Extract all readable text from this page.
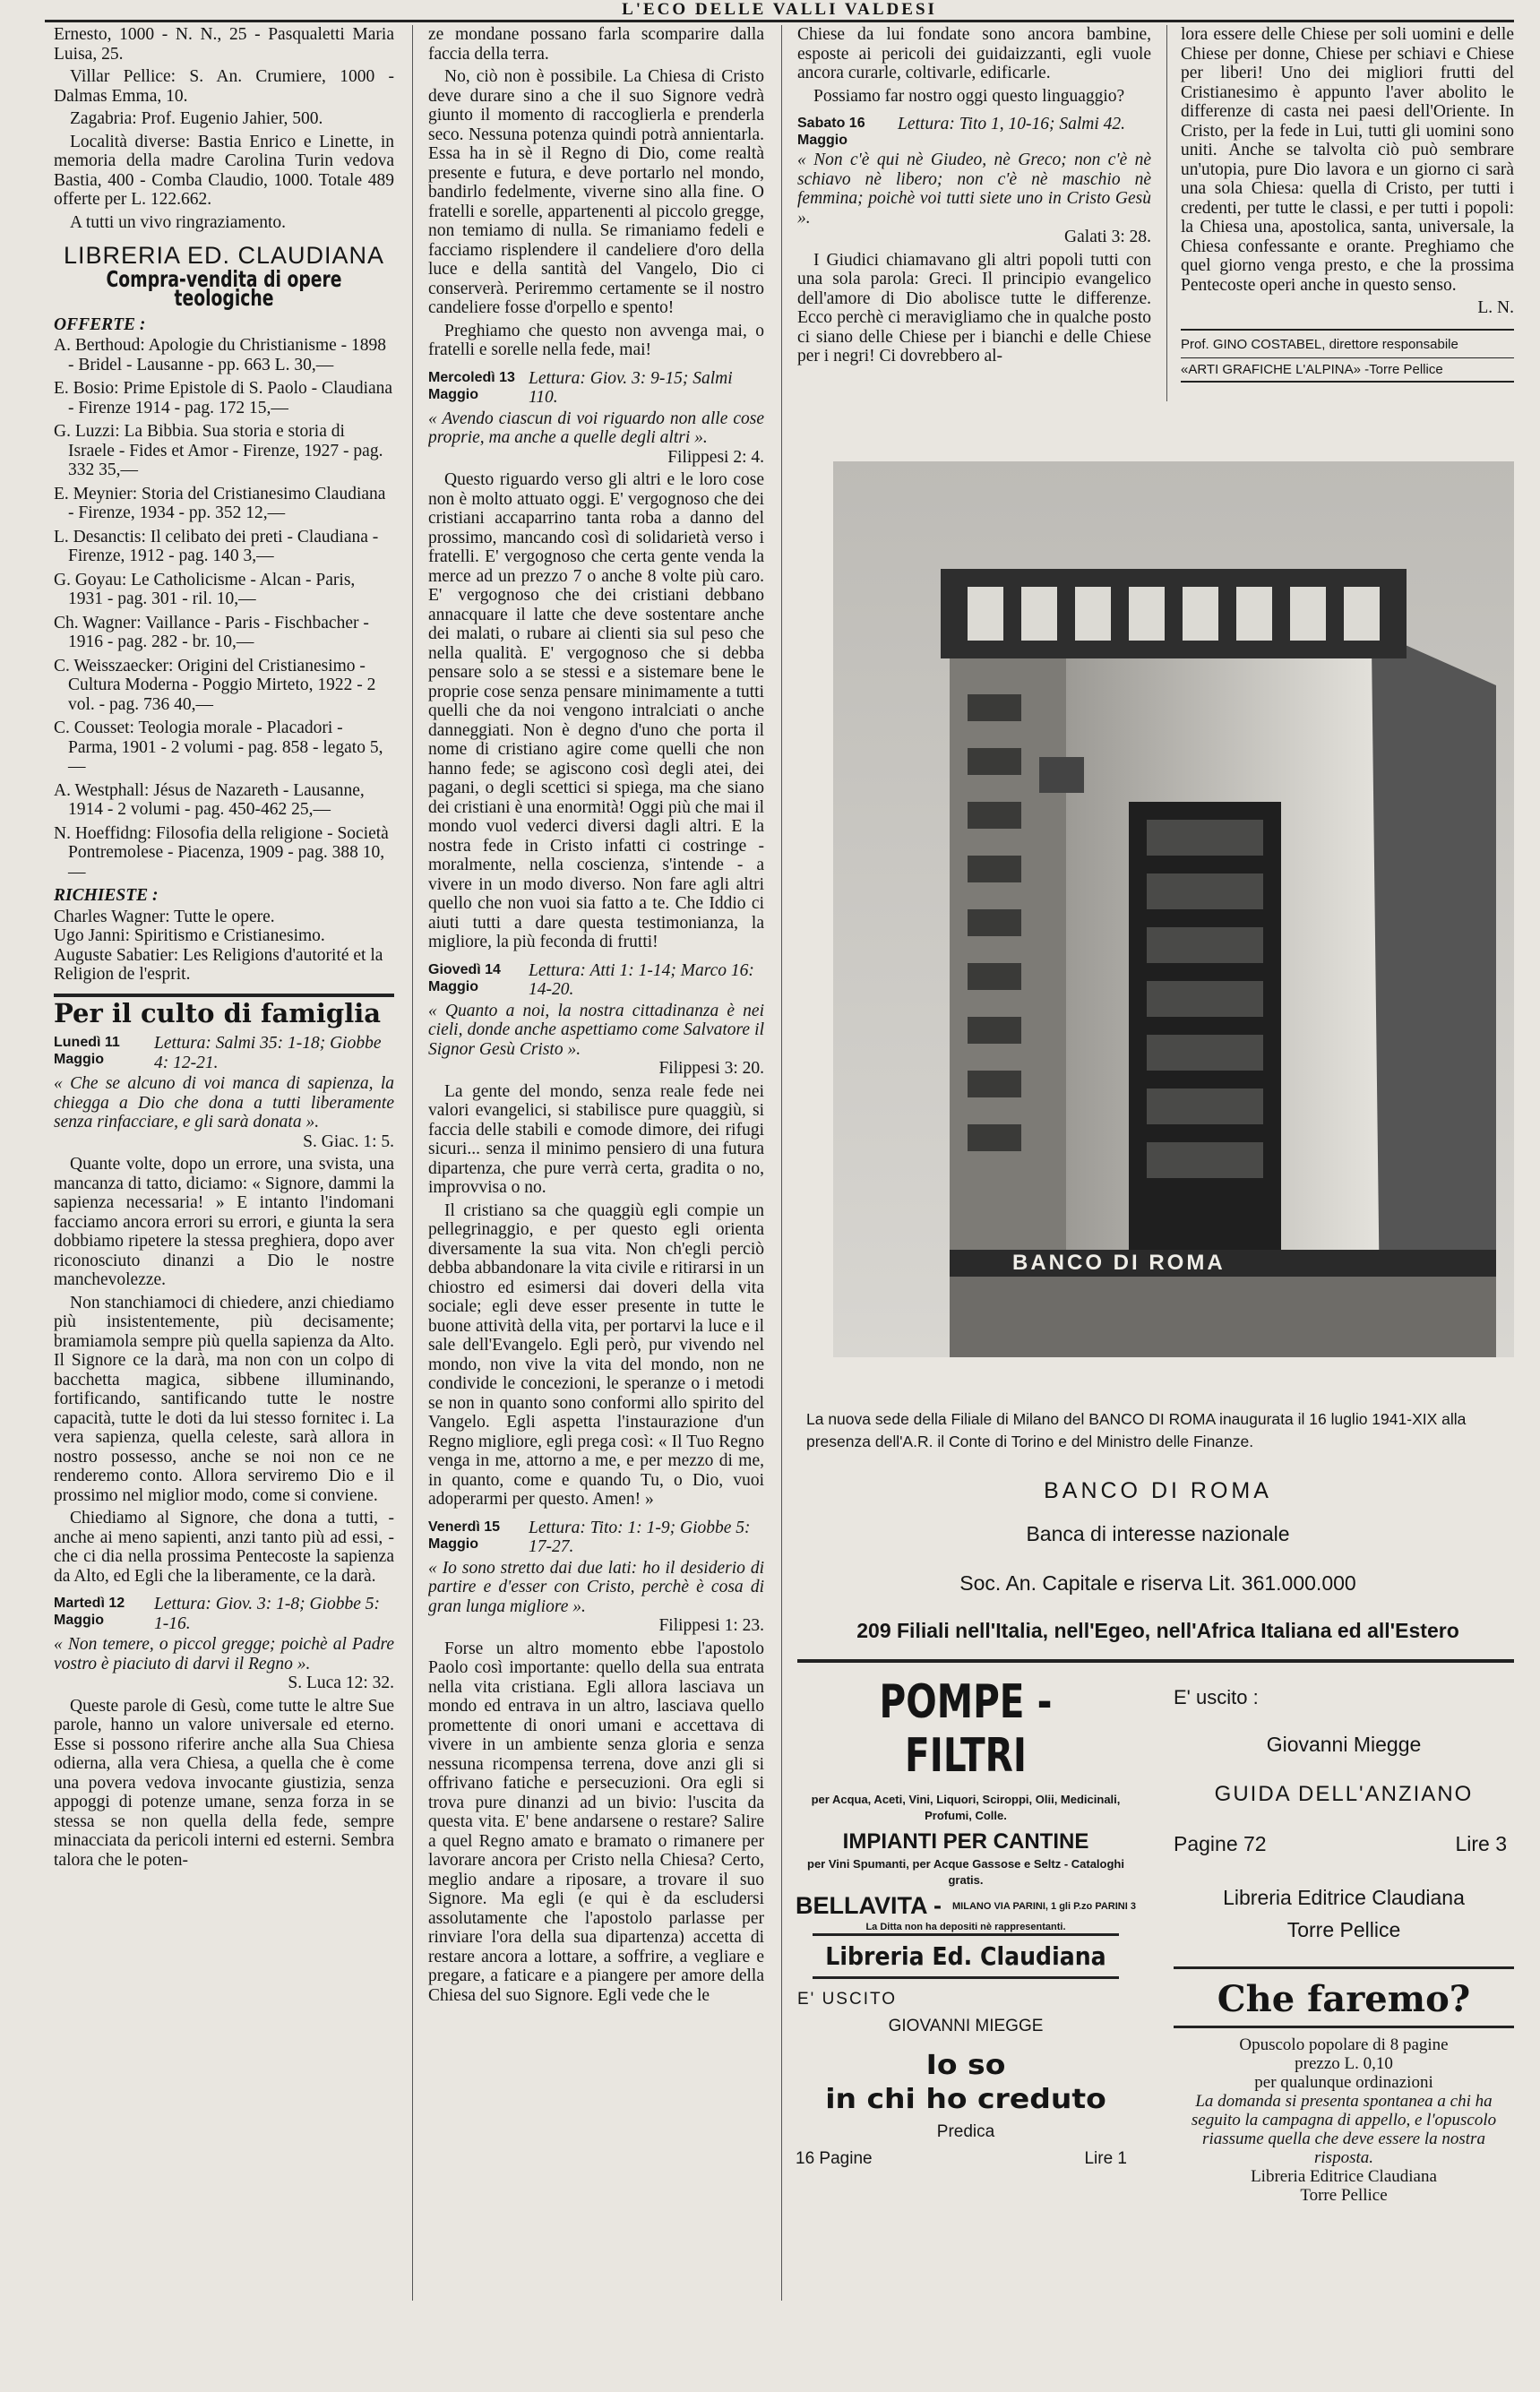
L'ECO DELLE VALLI VALDESI

Ernesto, 1000 - N. N., 25 - Pasqualetti Maria Luisa, 25.

Villar Pellice: S. An. Crumiere, 1000 - Dalmas Emma, 10.

Zagabria: Prof. Eugenio Jahier, 500.

Località diverse: Bastia Enrico e Linette, in memoria della madre Carolina Turin vedova Bastia, 400 - Comba Claudio, 1000. Totale 489 offerte per L. 122.662.

A tutti un vivo ringraziamento.

LIBRERIA ED. CLAUDIANA
Compra-vendita di opere teologiche
OFFERTE :
A. Berthoud: Apologie du Christianisme - 1898 - Bridel - Lausanne - pp. 663 L. 30,—
E. Bosio: Prime Epistole di S. Paolo - Claudiana - Firenze 1914 - pag. 172 15,—
G. Luzzi: La Bibbia. Sua storia e storia di Israele - Fides et Amor - Firenze, 1927 - pag. 332 35,—
E. Meynier: Storia del Cristianesimo Claudiana - Firenze, 1934 - pp. 352 12,—
L. Desanctis: Il celibato dei preti - Claudiana - Firenze, 1912 - pag. 140 3,—
G. Goyau: Le Catholicisme - Alcan - Paris, 1931 - pag. 301 - ril. 10,—
Ch. Wagner: Vaillance - Paris - Fischbacher - 1916 - pag. 282 - br. 10,—
C. Weisszaecker: Origini del Cristianesimo - Cultura Moderna - Poggio Mirteto, 1922 - 2 vol. - pag. 736 40,—
C. Cousset: Teologia morale - Placadori - Parma, 1901 - 2 volumi - pag. 858 - legato 5,—
A. Westphall: Jésus de Nazareth - Lausanne, 1914 - 2 volumi - pag. 450-462 25,—
N. Hoeffidng: Filosofia della religione - Società Pontremolese - Piacenza, 1909 - pag. 388 10,—
RICHIESTE :
Charles Wagner: Tutte le opere.
Ugo Janni: Spiritismo e Cristianesimo.
Auguste Sabatier: Les Religions d'autorité et la Religion de l'esprit.
Per il culto di famiglia
Lunedì 11 Maggio
Lettura: Salmi 35: 1-18; Giobbe 4: 12-21.
« Che se alcuno di voi manca di sapienza, la chiegga a Dio che dona a tutti liberamente senza rinfacciare, e gli sarà donata ».
S. Giac. 1: 5.

Quante volte, dopo un errore, una svista, una mancanza di tatto, diciamo: « Signore, dammi la sapienza necessaria! » E intanto l'indomani facciamo ancora errori su errori, e giunta la sera dobbiamo ripetere la stessa preghiera, dopo aver riconosciuto dinanzi a Dio le nostre manchevolezze.

Non stanchiamoci di chiedere, anzi chiediamo più insistentemente, più decisamente; bramiamola sempre più quella sapienza da Alto. Il Signore ce la darà, ma non con un colpo di bacchetta magica, sibbene illuminando, fortificando, santificando tutte le nostre capacità, tutte le doti da lui stesso fornitec i. La vera sapienza, quella celeste, sarà allora in nostro possesso, anche se noi non ce ne renderemo conto. Allora serviremo Dio e il prossimo nel miglior modo, come si conviene.

Chiediamo al Signore, che dona a tutti, - anche ai meno sapienti, anzi tanto più ad essi, - che ci dia nella prossima Pentecoste la sapienza da Alto, ed Egli che la liberamente, ce la darà.

Martedì 12 Maggio
Lettura: Giov. 3: 1-8; Giobbe 5: 1-16.
« Non temere, o piccol gregge; poichè al Padre vostro è piaciuto di darvi il Regno ».
S. Luca 12: 32.

Queste parole di Gesù, come tutte le altre Sue parole, hanno un valore universale ed eterno. Esse si possono riferire anche alla Sua Chiesa odierna, alla vera Chiesa, a quella che è come una povera vedova invocante giustizia, senza appoggi di potenze umane, senza forza in se stessa se non quella della fede, sempre minacciata da pericoli interni ed esterni. Sembra talora che le poten-

ze mondane possano farla scomparire dalla faccia della terra.

No, ciò non è possibile. La Chiesa di Cristo deve durare sino a che il suo Signore vedrà giunto il momento di raccoglierla e prenderla seco. Nessuna potenza quindi potrà annientarla. Essa ha in sè il Regno di Dio, come realtà presente e futura, e deve portarlo nel mondo, bandirlo fedelmente, viverne sino alla fine. O fratelli e sorelle, appartenenti al piccolo gregge, non temiamo di nulla. Se rimaniamo fedeli e facciamo risplendere il candeliere d'oro della luce e della santità del Vangelo, Dio ci conserverà. Periremmo certamente se il nostro candeliere fosse d'orpello e spento!

Preghiamo che questo non avvenga mai, o fratelli e sorelle nella fede, mai!

Mercoledì 13 Maggio
Lettura: Giov. 3: 9-15; Salmi 110.
« Avendo ciascun di voi riguardo non alle cose proprie, ma anche a quelle degli altri ».
Filippesi 2: 4.

Questo riguardo verso gli altri e le loro cose non è molto attuato oggi. E' vergognoso che dei cristiani accaparrino tanta roba a danno del prossimo, mancando così di solidarietà verso i fratelli. E' vergognoso che certa gente venda la merce ad un prezzo 7 o anche 8 volte più caro. E' vergognoso che dei cristiani debbano annacquare il latte che deve sostentare anche dei malati, o rubare ai clienti sia sul peso che nella qualità. E' vergognoso che si debba pensare solo a se stessi e a sistemare bene le proprie cose senza pensare minimamente a tutti quelli che da noi vengono intralciati o anche danneggiati. Non è degno d'uno che porta il nome di cristiano agire come quelli che non hanno fede; se agiscono così degli atei, dei pagani, o degli scettici si spiega, ma che siano dei cristiani è una enormità! Oggi più che mai il mondo vuol vederci diversi dagli altri. E la nostra fede in Cristo infatti ci costringe - moralmente, nella coscienza, s'intende - a vivere in un modo diverso. Non fare agli altri quello che non vuoi sia fatto a te. Che Iddio ci aiuti tutti a dare questa testimonianza, la migliore, la più feconda di frutti!

Giovedì 14 Maggio
Lettura: Atti 1: 1-14; Marco 16: 14-20.
« Quanto a noi, la nostra cittadinanza è nei cieli, donde anche aspettiamo come Salvatore il Signor Gesù Cristo ».
Filippesi 3: 20.

La gente del mondo, senza reale fede nei valori evangelici, si stabilisce pure quaggiù, si faccia delle stabili e comode dimore, dei rifugi sicuri... senza il minimo pensiero di una futura dipartenza, che pure verrà certa, gradita o no, improvvisa o no.

Il cristiano sa che quaggiù egli compie un pellegrinaggio, e per questo egli orienta diversamente la sua vita. Non ch'egli perciò debba abbandonare la vita civile e ritirarsi in un chiostro ed esimersi dai doveri della vita sociale; egli deve esser presente in tutte le buone attività della vita, per portarvi la luce e il sale dell'Evangelo. Egli però, pur vivendo nel mondo, non vive la vita del mondo, non ne condivide le concezioni, le speranze o i metodi se non in quanto sono conformi allo spirito del Vangelo. Egli aspetta l'instaurazione d'un Regno migliore, egli prega così: « Il Tuo Regno venga in me, attorno a me, e per mezzo di me, in quanto, come e quando Tu, o Dio, vuoi adoperarmi per questo. Amen! »

Venerdì 15 Maggio
Lettura: Tito: 1: 1-9; Giobbe 5: 17-27.
« Io sono stretto dai due lati: ho il desiderio di partire e d'esser con Cristo, perchè è cosa di gran lunga migliore ».
Filippesi 1: 23.

Forse un altro momento ebbe l'apostolo Paolo così importante: quello della sua entrata nella vita cristiana. Egli allora lasciava un mondo ed entrava in un altro, lasciava quello promettente di onori umani e accettava di vivere in un ambiente senza gloria e senza nessuna ricompensa terrena, dove anzi gli si offrivano fatiche e persecuzioni. Ora egli si trova pure dinanzi ad un bivio: l'uscita da questa vita. E' bene andarsene o restare? Salire a quel Regno amato e bramato o rimanere per lavorare ancora per Cristo nella Chiesa? Certo, meglio andare a riposare, a trovare il suo Signore. Ma egli (e qui è da escludersi assolutamente che l'apostolo parlasse per rinviare l'ora della sua dipartenza) accetta di restare ancora a lottare, a soffrire, a vegliare e pregare, a faticare e a piangere per amore della Chiesa del suo Signore. Egli vede che le

Chiese da lui fondate sono ancora bambine, esposte ai pericoli dei guidaizzanti, egli vuole ancora curarle, coltivarle, edificarle.

Possiamo far nostro oggi questo linguaggio?

Sabato 16 Maggio
Lettura: Tito 1, 10-16; Salmi 42.
« Non c'è qui nè Giudeo, nè Greco; non c'è nè schiavo nè libero; non c'è nè maschio nè femmina; poichè voi tutti siete uno in Cristo Gesù ».
Galati 3: 28.

I Giudici chiamavano gli altri popoli tutti con una sola parola: Greci. Il principio evangelico dell'amore di Dio abolisce tutte le differenze. Ecco perchè ci meravigliamo che in qualche posto ci siano delle Chiese per i bianchi e delle Chiese per i negri! Ci dovrebbero al-

lora essere delle Chiese per soli uomini e delle Chiese per donne, Chiese per schiavi e Chiese per liberi! Uno dei migliori frutti del Cristianesimo è appunto l'aver abolito le differenze di casta nei paesi dell'Oriente. In Cristo, per la fede in Lui, tutti gli uomini sono uniti. Anche se talvolta ciò può sembrare un'utopia, pure Dio lavora e un giorno ci sarà una sola Chiesa: quella di Cristo, per tutti i credenti, per tutte le classi, e per tutti i popoli: la Chiesa una, apostolica, santa, universale, la Chiesa confessante e orante. Preghiamo che quel giorno venga presto, e che la prossima Pentecoste operi anche in questo senso.

L. N.
Prof. GINO COSTABEL, direttore responsabile
«ARTI GRAFICHE L'ALPINA» -Torre Pellice
BANCO DI ROMA
La nuova sede della Filiale di Milano del BANCO DI ROMA inaugurata il 16 luglio 1941-XIX alla presenza dell'A.R. il Conte di Torino e del Ministro delle Finanze.
BANCO DI ROMA
Banca di interesse nazionale
Soc. An. Capitale e riserva Lit. 361.000.000
209 Filiali nell'Italia, nell'Egeo, nell'Africa Italiana ed all'Estero
POMPE - FILTRI
per Acqua, Aceti, Vini, Liquori, Sciroppi, Olii, Medicinali, Profumi, Colle.
IMPIANTI PER CANTINE
per Vini Spumanti, per Acque Gassose e Seltz - Cataloghi gratis.
BELLAVITA - MILANO VIA PARINI, 1 gli P.zo PARINI 3
La Ditta non ha depositi nè rappresentanti.
Libreria Ed. Claudiana
E' USCITO
GIOVANNI MIEGGE
Io so
in chi ho creduto
Predica
16 Pagine	Lire 1
E' uscito :
Giovanni Miegge
GUIDA DELL'ANZIANO
Pagine 72	Lire 3
Libreria Editrice Claudiana
Torre Pellice
Che faremo?
Opuscolo popolare di 8 pagine
prezzo L. 0,10
per qualunque ordinazioni
La domanda si presenta spontanea a chi ha seguito la campagna di appello, e l'opuscolo riassume quella che deve essere la nostra risposta.
Libreria Editrice Claudiana
Torre Pellice
